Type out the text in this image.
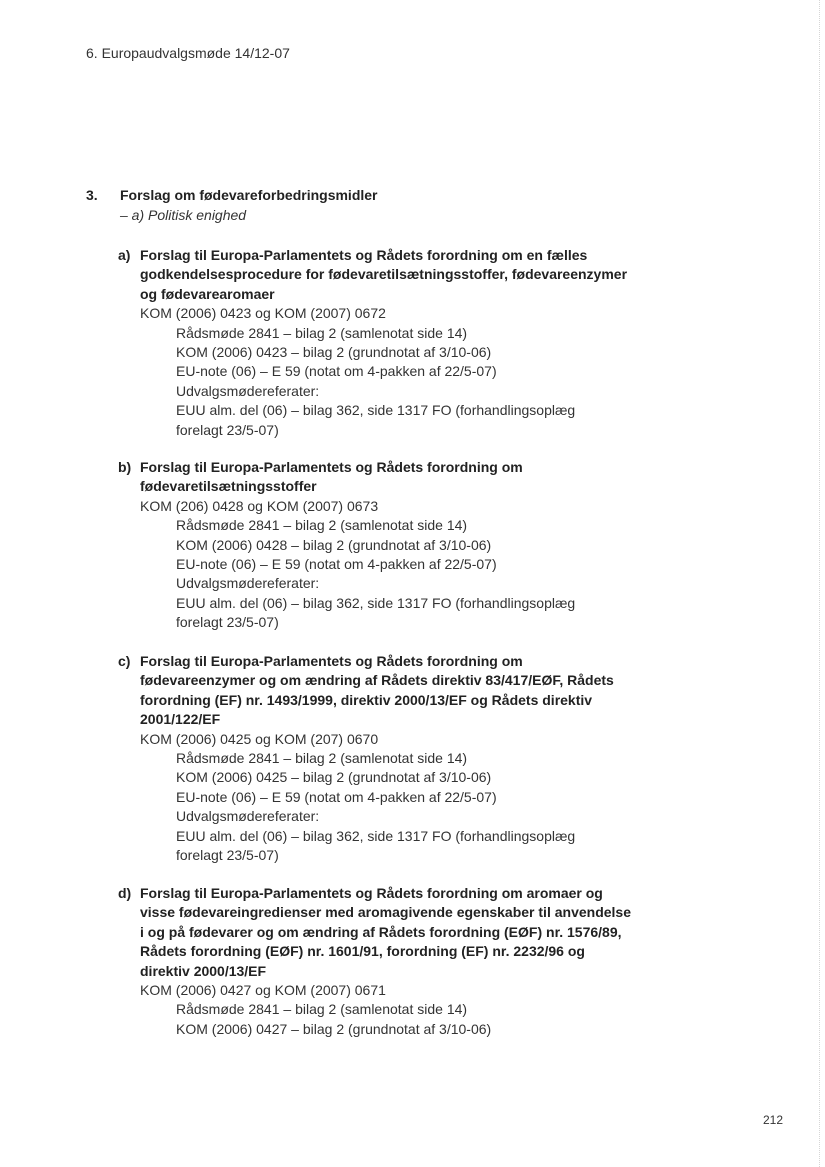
6. Europaudvalgsmøde 14/12-07
3.	Forslag om fødevareforbedringsmidler
– a) Politisk enighed
a) Forslag til Europa-Parlamentets og Rådets forordning om en fælles godkendelsesprocedure for fødevaretilsætningsstoffer, fødevareenzymer og fødevarearomaer
KOM (2006) 0423 og KOM (2007) 0672
Rådsmøde 2841 – bilag 2 (samlenotat side 14)
KOM (2006) 0423 – bilag 2 (grundnotat af 3/10-06)
EU-note (06) – E 59 (notat om 4-pakken af 22/5-07)
Udvalgsmødereferater:
EUU alm. del (06) – bilag 362, side 1317 FO (forhandlingsoplæg
forelagt 23/5-07)
b) Forslag til Europa-Parlamentets og Rådets forordning om fødevaretilsætningsstoffer
KOM (206) 0428 og KOM (2007) 0673
Rådsmøde 2841 – bilag 2 (samlenotat side 14)
KOM (2006) 0428 – bilag 2 (grundnotat af 3/10-06)
EU-note (06) – E 59 (notat om 4-pakken af 22/5-07)
Udvalgsmødereferater:
EUU alm. del (06) – bilag 362, side 1317 FO (forhandlingsoplæg
forelagt 23/5-07)
c) Forslag til Europa-Parlamentets og Rådets forordning om fødevareenzymer og om ændring af Rådets direktiv 83/417/EØF, Rådets forordning (EF) nr. 1493/1999, direktiv 2000/13/EF og Rådets direktiv 2001/122/EF
KOM (2006) 0425 og KOM (207) 0670
Rådsmøde 2841 – bilag 2 (samlenotat side 14)
KOM (2006) 0425 – bilag 2 (grundnotat af 3/10-06)
EU-note (06) – E 59 (notat om 4-pakken af 22/5-07)
Udvalgsmødereferater:
EUU alm. del (06) – bilag 362, side 1317 FO (forhandlingsoplæg
forelagt 23/5-07)
d) Forslag til Europa-Parlamentets og Rådets forordning om aromaer og visse fødevareingredienser med aromagivende egenskaber til anvendelse i og på fødevarer og om ændring af Rådets forordning (EØF) nr. 1576/89, Rådets forordning (EØF) nr. 1601/91, forordning (EF) nr. 2232/96 og direktiv 2000/13/EF
KOM (2006) 0427 og KOM (2007) 0671
Rådsmøde 2841 – bilag 2 (samlenotat side 14)
KOM (2006) 0427 – bilag 2 (grundnotat af 3/10-06)
212
